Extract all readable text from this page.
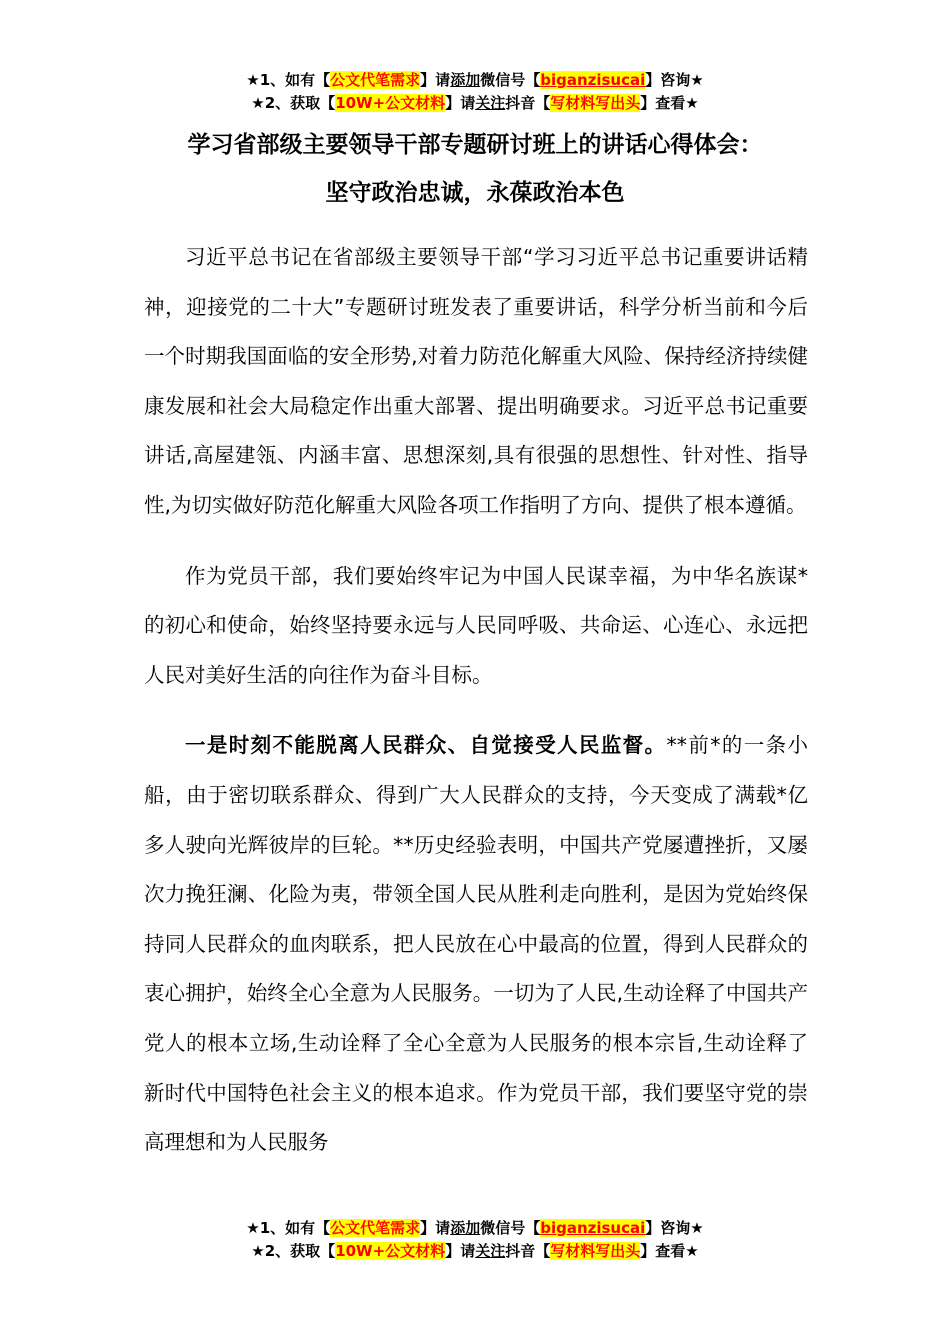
★1、如有【公文代笔需求】请添加微信号【biganzisucai】咨询★
★2、获取【10W+公文材料】请关注抖音【写材料写出头】查看★
学习省部级主要领导干部专题研讨班上的讲话心得体会：
坚守政治忠诚，永葆政治本色

习近平总书记在省部级主要领导干部“学习习近平总书记重要讲话精神，迎接党的二十大”专题研讨班发表了重要讲话，科学分析当前和今后一个时期我国面临的安全形势,对着力防范化解重大风险、保持经济持续健康发展和社会大局稳定作出重大部署、提出明确要求。习近平总书记重要讲话,高屋建瓴、内涵丰富、思想深刻,具有很强的思想性、针对性、指导性,为切实做好防范化解重大风险各项工作指明了方向、提供了根本遵循。

作为党员干部，我们要始终牢记为中国人民谋幸福，为中华名族谋*的初心和使命，始终坚持要永远与人民同呼吸、共命运、心连心、永远把人民对美好生活的向往作为奋斗目标。

一是时刻不能脱离人民群众、自觉接受人民监督。**前*的一条小船，由于密切联系群众、得到广大人民群众的支持，今天变成了满载*亿多人驶向光辉彼岸的巨轮。**历史经验表明，中国共产党屡遭挫折，又屡次力挽狂澜、化险为夷，带领全国人民从胜利走向胜利，是因为党始终保持同人民群众的血肉联系，把人民放在心中最高的位置，得到人民群众的衷心拥护，始终全心全意为人民服务。一切为了人民,生动诠释了中国共产党人的根本立场,生动诠释了全心全意为人民服务的根本宗旨,生动诠释了新时代中国特色社会主义的根本追求。作为党员干部，我们要坚守党的崇高理想和为人民服务

★1、如有【公文代笔需求】请添加微信号【biganzisucai】咨询★
★2、获取【10W+公文材料】请关注抖音【写材料写出头】查看★
